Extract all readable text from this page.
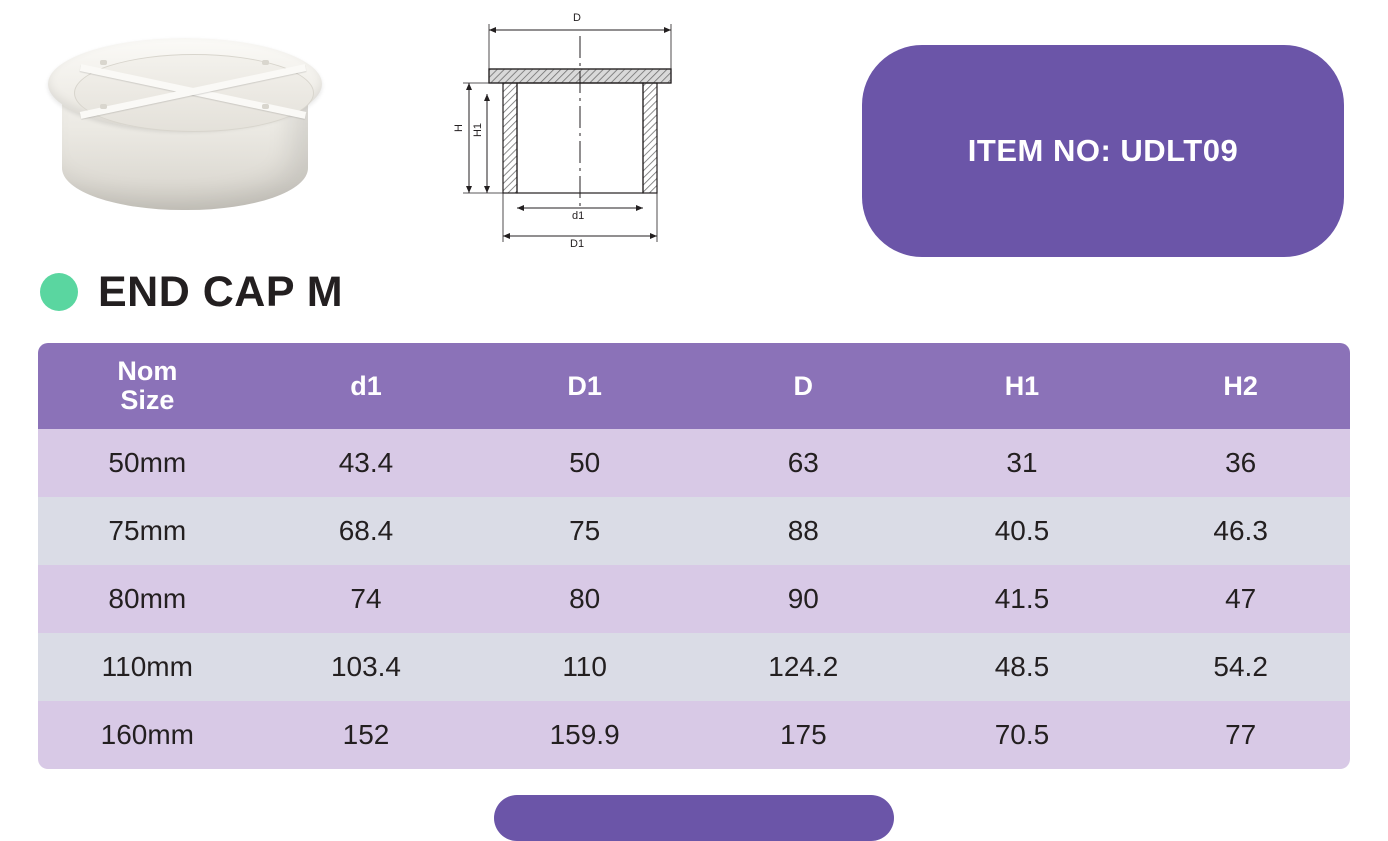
D
H H1
d1
D1
ITEM NO: UDLT09
END CAP M
Nom
Size	d1	D1	D	H1	H2
50mm	43.4	50	63	31	36
75mm	68.4	75	88	40.5	46.3
80mm	74	80	90	41.5	47
110mm	103.4	110	124.2	48.5	54.2
160mm	152	159.9	175	70.5	77
